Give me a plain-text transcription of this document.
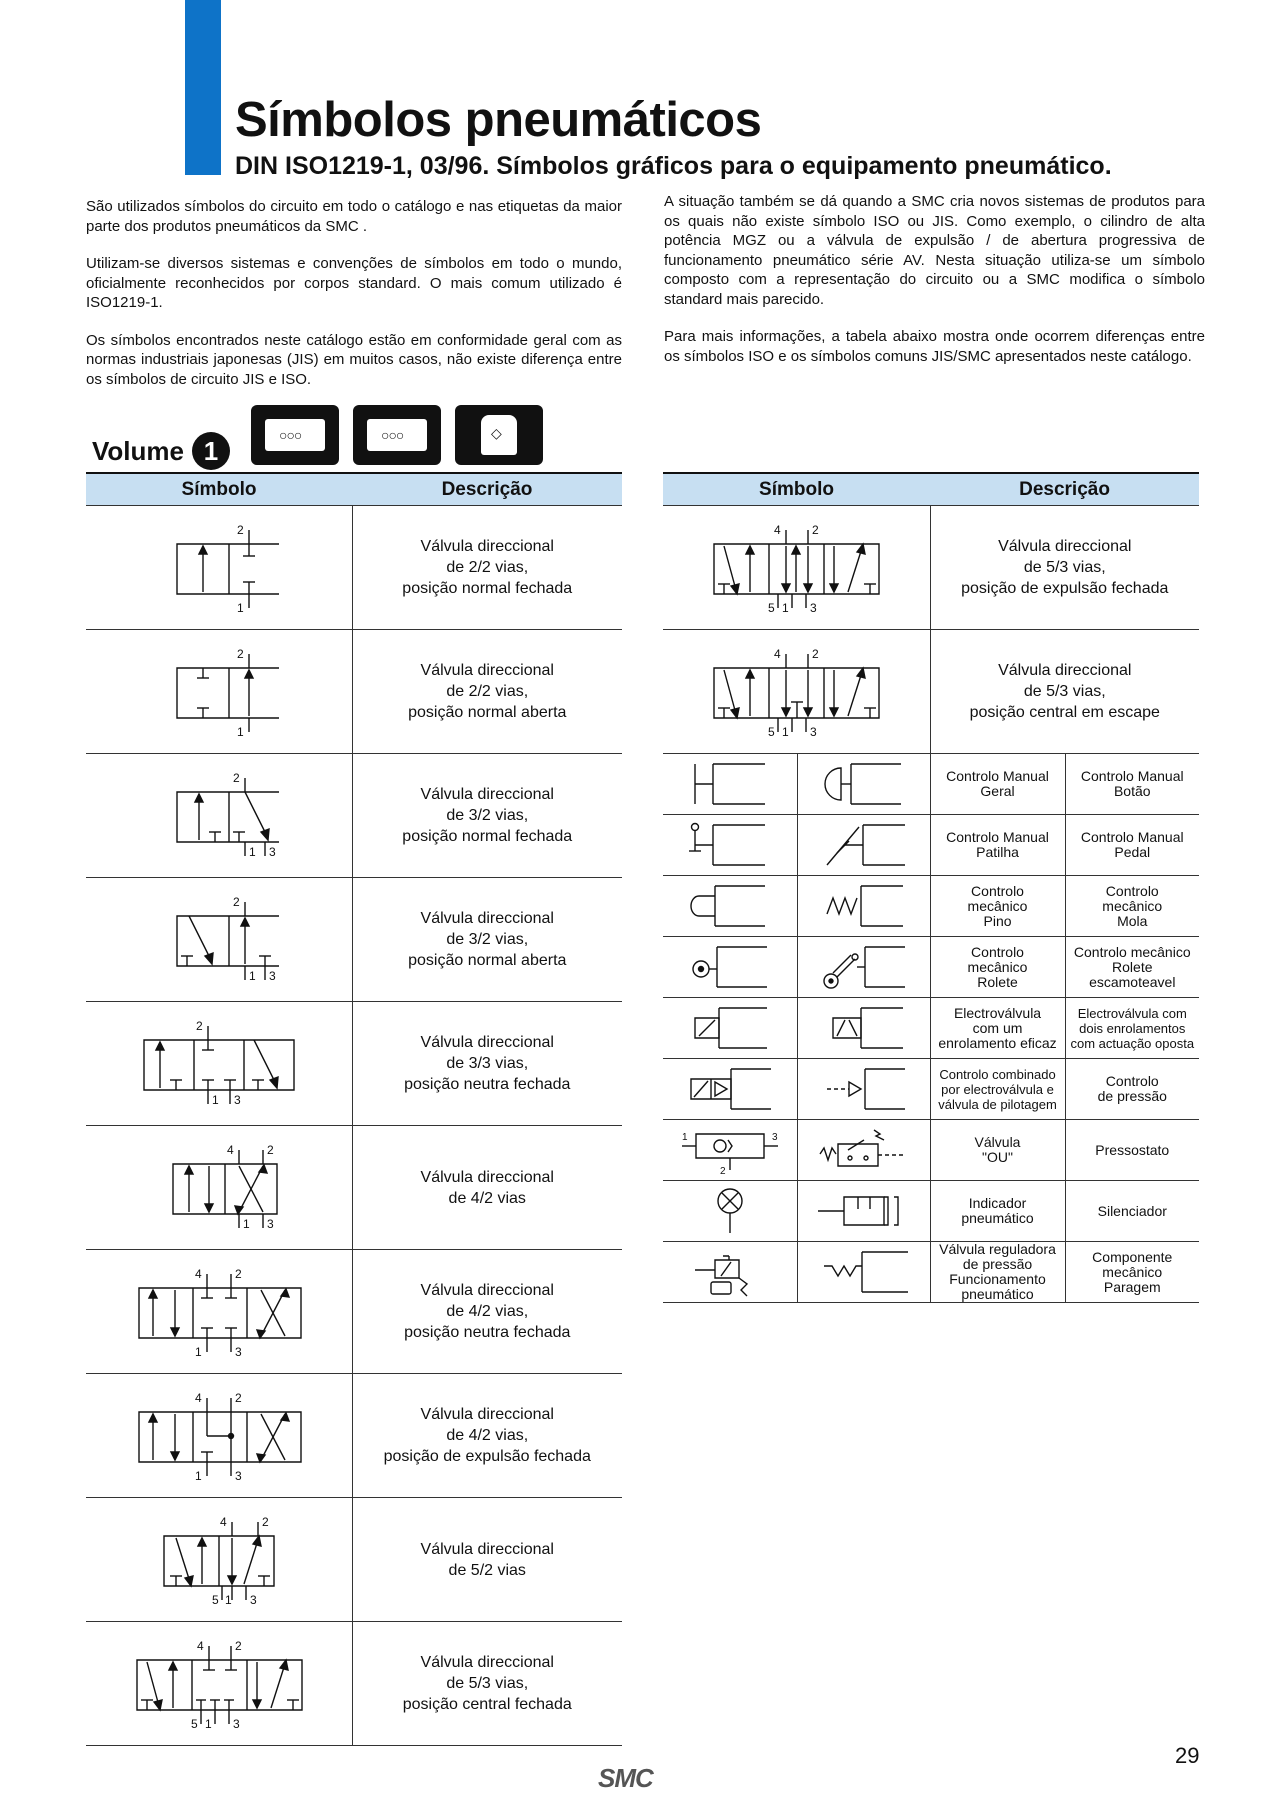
Símbolos pneumáticos
DIN ISO1219-1, 03/96. Símbolos gráficos para o equipamento pneumático.

São utilizados símbolos do circuito em todo o catálogo e nas etiquetas da maior parte dos produtos pneumáticos da SMC .

Utilizam-se diversos sistemas e convenções de símbolos em todo o mundo, oficialmente reconhecidos por corpos standard. O mais comum utilizado é ISO1219-1.

Os símbolos encontrados neste catálogo estão em conformidade geral com as normas industriais japonesas (JIS) em muitos casos, não existe diferença entre os símbolos de circuito JIS e ISO.

A situação também se dá quando a SMC cria novos sistemas de produtos para os quais não existe símbolo ISO ou JIS. Como exemplo, o cilindro de alta potência MGZ ou a válvula de expulsão / de abertura progressiva de funcionamento pneumático série AV. Nesta situação utiliza-se um símbolo composto com a representação do circuito ou a SMC modifica o símbolo standard mais parecido.

Para mais informações, a tabela abaixo mostra onde ocorrem diferenças entre os símbolos ISO e os símbolos comuns JIS/SMC apresentados neste catálogo.

Volume 1
○○○
○○○
◇
Símbolo	Descrição

2
1	Válvula direccional
de 2/2 vias,
posição normal fechada

2
1	Válvula direccional
de 2/2 vias,
posição normal aberta

2
1 3	Válvula direccional
de 3/2 vias,
posição normal fechada

2
1 3	Válvula direccional
de 3/2 vias,
posição normal aberta

2
1 3	Válvula direccional
de 3/3 vias,
posição neutra fechada

4 2
1 3	Válvula direccional
de 4/2 vias

4 2
1 3	Válvula direccional
de 4/2 vias,
posição neutra fechada

4 2
1 3	Válvula direccional
de 4/2 vias,
posição de expulsão fechada

4 2
5 1 3	Válvula direccional
de 5/2 vias

4 2
5 1 3	Válvula direccional
de 5/3 vias,
posição central fechada
Símbolo		Descrição	

4 2
5 1 3		Válvula direccional
de 5/3 vias,
posição de expulsão fechada	

4 2
5 1 3		Válvula direccional
de 5/3 vias,
posição central em escape	

Controlo Manual
Geral	Controlo Manual
Botão

Controlo Manual
Patilha	Controlo Manual
Pedal

Controlo
mecânico
Pino	Controlo
mecânico
Mola

Controlo
mecânico
Rolete	Controlo mecânico
Rolete
escamoteavel

Electroválvula
com um
enrolamento eficaz	Electroválvula com
dois enrolamentos
com actuação oposta

Controlo combinado
por electroválvula e
válvula de pilotagem	Controlo
de pressão

1 3
2		Válvula
"OU"	Pressostato

Indicador
pneumático	Silenciador

Válvula reguladora
de pressão
Funcionamento
pneumático	Componente
mecânico
Paragem
29
SMC
